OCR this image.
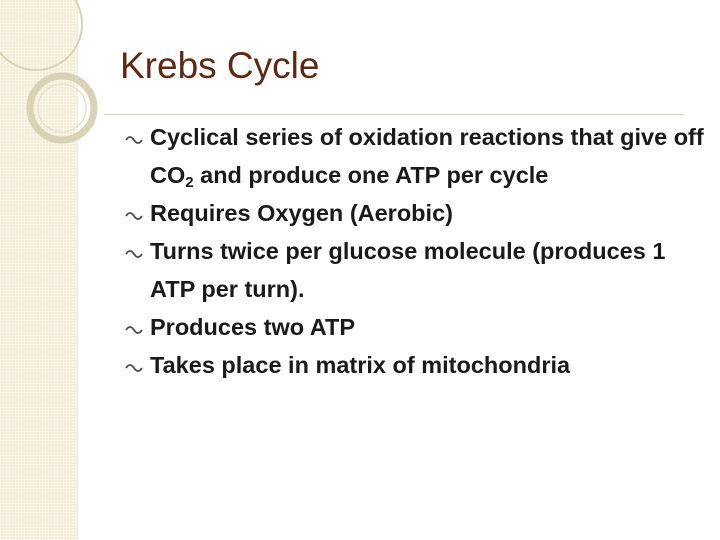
Krebs Cycle
Cyclical series of oxidation reactions that give off $CO_2$ and produce one ATP per cycle
Requires Oxygen (Aerobic)
Turns twice per glucose molecule (produces 1 ATP per turn).
Produces two ATP
Takes place in matrix of mitochondria
